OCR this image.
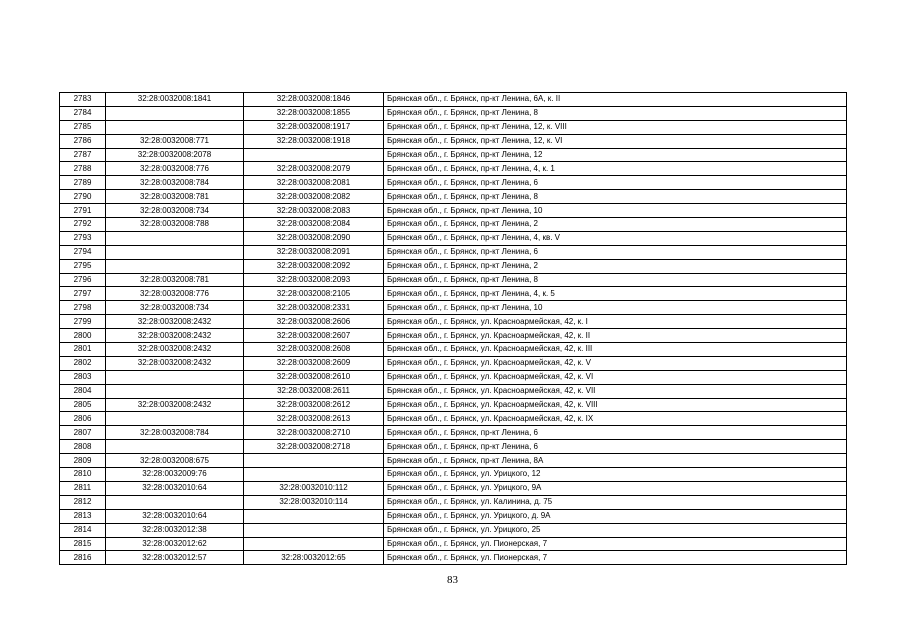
2783	32:28:0032008:1841	32:28:0032008:1846	Брянская обл., г. Брянск, пр-кт Ленина, 6А, к. II
2784		32:28:0032008:1855	Брянская обл., г. Брянск, пр-кт Ленина, 8
2785		32:28:0032008:1917	Брянская обл., г. Брянск, пр-кт Ленина, 12, к. VIII
2786	32:28:0032008:771	32:28:0032008:1918	Брянская обл., г. Брянск, пр-кт Ленина, 12, к. VI
2787	32:28:0032008:2078		Брянская обл., г. Брянск, пр-кт Ленина, 12
2788	32:28:0032008:776	32:28:0032008:2079	Брянская обл., г. Брянск, пр-кт Ленина, 4, к. 1
2789	32:28:0032008:784	32:28:0032008:2081	Брянская обл., г. Брянск, пр-кт Ленина, 6
2790	32:28:0032008:781	32:28:0032008:2082	Брянская обл., г. Брянск, пр-кт Ленина, 8
2791	32:28:0032008:734	32:28:0032008:2083	Брянская обл., г. Брянск, пр-кт Ленина, 10
2792	32:28:0032008:788	32:28:0032008:2084	Брянская обл., г. Брянск, пр-кт Ленина, 2
2793		32:28:0032008:2090	Брянская обл., г. Брянск, пр-кт Ленина, 4, кв. V
2794		32:28:0032008:2091	Брянская обл., г. Брянск, пр-кт Ленина, 6
2795		32:28:0032008:2092	Брянская обл., г. Брянск, пр-кт Ленина, 2
2796	32:28:0032008:781	32:28:0032008:2093	Брянская обл., г. Брянск, пр-кт Ленина, 8
2797	32:28:0032008:776	32:28:0032008:2105	Брянская обл., г. Брянск, пр-кт Ленина, 4, к. 5
2798	32:28:0032008:734	32:28:0032008:2331	Брянская обл., г. Брянск, пр-кт Ленина, 10
2799	32:28:0032008:2432	32:28:0032008:2606	Брянская обл., г. Брянск, ул. Красноармейская, 42, к. I
2800	32:28:0032008:2432	32:28:0032008:2607	Брянская обл., г. Брянск, ул. Красноармейская, 42, к. II
2801	32:28:0032008:2432	32:28:0032008:2608	Брянская обл., г. Брянск, ул. Красноармейская, 42, к. III
2802	32:28:0032008:2432	32:28:0032008:2609	Брянская обл., г. Брянск, ул. Красноармейская, 42, к. V
2803		32:28:0032008:2610	Брянская обл., г. Брянск, ул. Красноармейская, 42, к. VI
2804		32:28:0032008:2611	Брянская обл., г. Брянск, ул. Красноармейская, 42, к. VII
2805	32:28:0032008:2432	32:28:0032008:2612	Брянская обл., г. Брянск, ул. Красноармейская, 42, к. VIII
2806		32:28:0032008:2613	Брянская обл., г. Брянск, ул. Красноармейская, 42, к. IX
2807	32:28:0032008:784	32:28:0032008:2710	Брянская обл., г. Брянск, пр-кт Ленина, 6
2808		32:28:0032008:2718	Брянская обл., г. Брянск, пр-кт Ленина, 6
2809	32:28:0032008:675		Брянская обл., г. Брянск, пр-кт Ленина, 8А
2810	32:28:0032009:76		Брянская обл., г. Брянск, ул. Урицкого, 12
2811	32:28:0032010:64	32:28:0032010:112	Брянская обл., г. Брянск, ул. Урицкого, 9А
2812		32:28:0032010:114	Брянская обл., г. Брянск, ул. Калинина, д. 75
2813	32:28:0032010:64		Брянская обл., г. Брянск, ул. Урицкого, д. 9А
2814	32:28:0032012:38		Брянская обл., г. Брянск, ул. Урицкого, 25
2815	32:28:0032012:62		Брянская обл., г. Брянск, ул. Пионерская, 7
2816	32:28:0032012:57	32:28:0032012:65	Брянская обл., г. Брянск, ул. Пионерская, 7
83
